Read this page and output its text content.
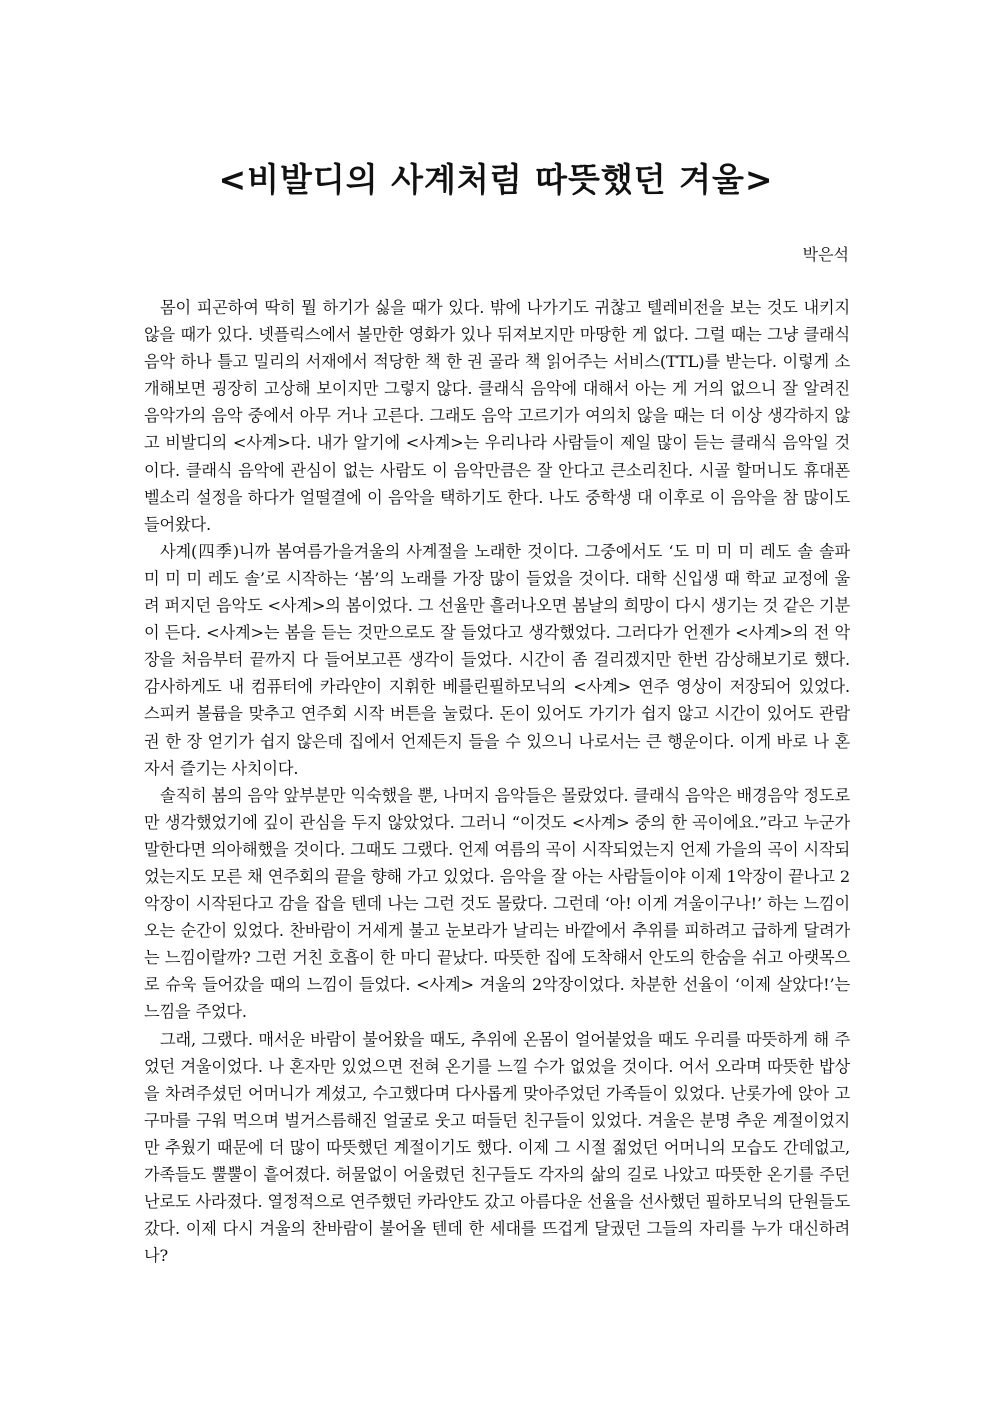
<비발디의 사계처럼 따뜻했던 겨울>
박은석

몸이 피곤하여 딱히 뭘 하기가 싫을 때가 있다. 밖에 나가기도 귀찮고 텔레비전을 보는 것도 내키지 않을 때가 있다. 넷플릭스에서 볼만한 영화가 있나 뒤져보지만 마땅한 게 없다. 그럴 때는 그냥 클래식 음악 하나 틀고 밀리의 서재에서 적당한 책 한 권 골라 책 읽어주는 서비스(TTL)를 받는다. 이렇게 소개해보면 굉장히 고상해 보이지만 그렇지 않다. 클래식 음악에 대해서 아는 게 거의 없으니 잘 알려진 음악가의 음악 중에서 아무 거나 고른다. 그래도 음악 고르기가 여의치 않을 때는 더 이상 생각하지 않고 비발디의 <사계>다. 내가 알기에 <사계>는 우리나라 사람들이 제일 많이 듣는 클래식 음악일 것이다. 클래식 음악에 관심이 없는 사람도 이 음악만큼은 잘 안다고 큰소리친다. 시골 할머니도 휴대폰 벨소리 설정을 하다가 얼떨결에 이 음악을 택하기도 한다. 나도 중학생 대 이후로 이 음악을 참 많이도 들어왔다.

사계(四季)니까 봄여름가을겨울의 사계절을 노래한 것이다. 그중에서도 ‘도 미 미 미 레도 솔 솔파 미 미 미 레도 솔’로 시작하는 ‘봄’의 노래를 가장 많이 들었을 것이다. 대학 신입생 때 학교 교정에 울려 퍼지던 음악도 <사계>의 봄이었다. 그 선율만 흘러나오면 봄날의 희망이 다시 생기는 것 같은 기분이 든다. <사계>는 봄을 듣는 것만으로도 잘 들었다고 생각했었다. 그러다가 언젠가 <사계>의 전 악장을 처음부터 끝까지 다 들어보고픈 생각이 들었다. 시간이 좀 걸리겠지만 한번 감상해보기로 했다. 감사하게도 내 컴퓨터에 카라얀이 지휘한 베를린필하모닉의 <사계> 연주 영상이 저장되어 있었다. 스피커 볼륨을 맞추고 연주회 시작 버튼을 눌렀다. 돈이 있어도 가기가 쉽지 않고 시간이 있어도 관람권 한 장 얻기가 쉽지 않은데 집에서 언제든지 들을 수 있으니 나로서는 큰 행운이다. 이게 바로 나 혼자서 즐기는 사치이다.

솔직히 봄의 음악 앞부분만 익숙했을 뿐, 나머지 음악들은 몰랐었다. 클래식 음악은 배경음악 정도로만 생각했었기에 깊이 관심을 두지 않았었다. 그러니 “이것도 <사계> 중의 한 곡이에요.”라고 누군가 말한다면 의아해했을 것이다. 그때도 그랬다. 언제 여름의 곡이 시작되었는지 언제 가을의 곡이 시작되었는지도 모른 채 연주회의 끝을 향해 가고 있었다. 음악을 잘 아는 사람들이야 이제 1악장이 끝나고 2악장이 시작된다고 감을 잡을 텐데 나는 그런 것도 몰랐다. 그런데 ‘아! 이게 겨울이구나!’ 하는 느낌이 오는 순간이 있었다. 찬바람이 거세게 불고 눈보라가 날리는 바깥에서 추위를 피하려고 급하게 달려가는 느낌이랄까? 그런 거친 호흡이 한 마디 끝났다. 따뜻한 집에 도착해서 안도의 한숨을 쉬고 아랫목으로 슈욱 들어갔을 때의 느낌이 들었다. <사계> 겨울의 2악장이었다. 차분한 선율이 ‘이제 살았다!’는 느낌을 주었다.

그래, 그랬다. 매서운 바람이 불어왔을 때도, 추위에 온몸이 얼어붙었을 때도 우리를 따뜻하게 해 주었던 겨울이었다. 나 혼자만 있었으면 전혀 온기를 느낄 수가 없었을 것이다. 어서 오라며 따뜻한 밥상을 차려주셨던 어머니가 계셨고, 수고했다며 다사롭게 맞아주었던 가족들이 있었다. 난롯가에 앉아 고구마를 구워 먹으며 벌거스름해진 얼굴로 웃고 떠들던 친구들이 있었다. 겨울은 분명 추운 계절이었지만 추웠기 때문에 더 많이 따뜻했던 계절이기도 했다. 이제 그 시절 젊었던 어머니의 모습도 간데없고, 가족들도 뿔뿔이 흩어졌다. 허물없이 어울렸던 친구들도 각자의 삶의 길로 나았고 따뜻한 온기를 주던 난로도 사라졌다. 열정적으로 연주했던 카라얀도 갔고 아름다운 선율을 선사했던 필하모닉의 단원들도 갔다. 이제 다시 겨울의 찬바람이 불어올 텐데 한 세대를 뜨겁게 달궜던 그들의 자리를 누가 대신하려나?
